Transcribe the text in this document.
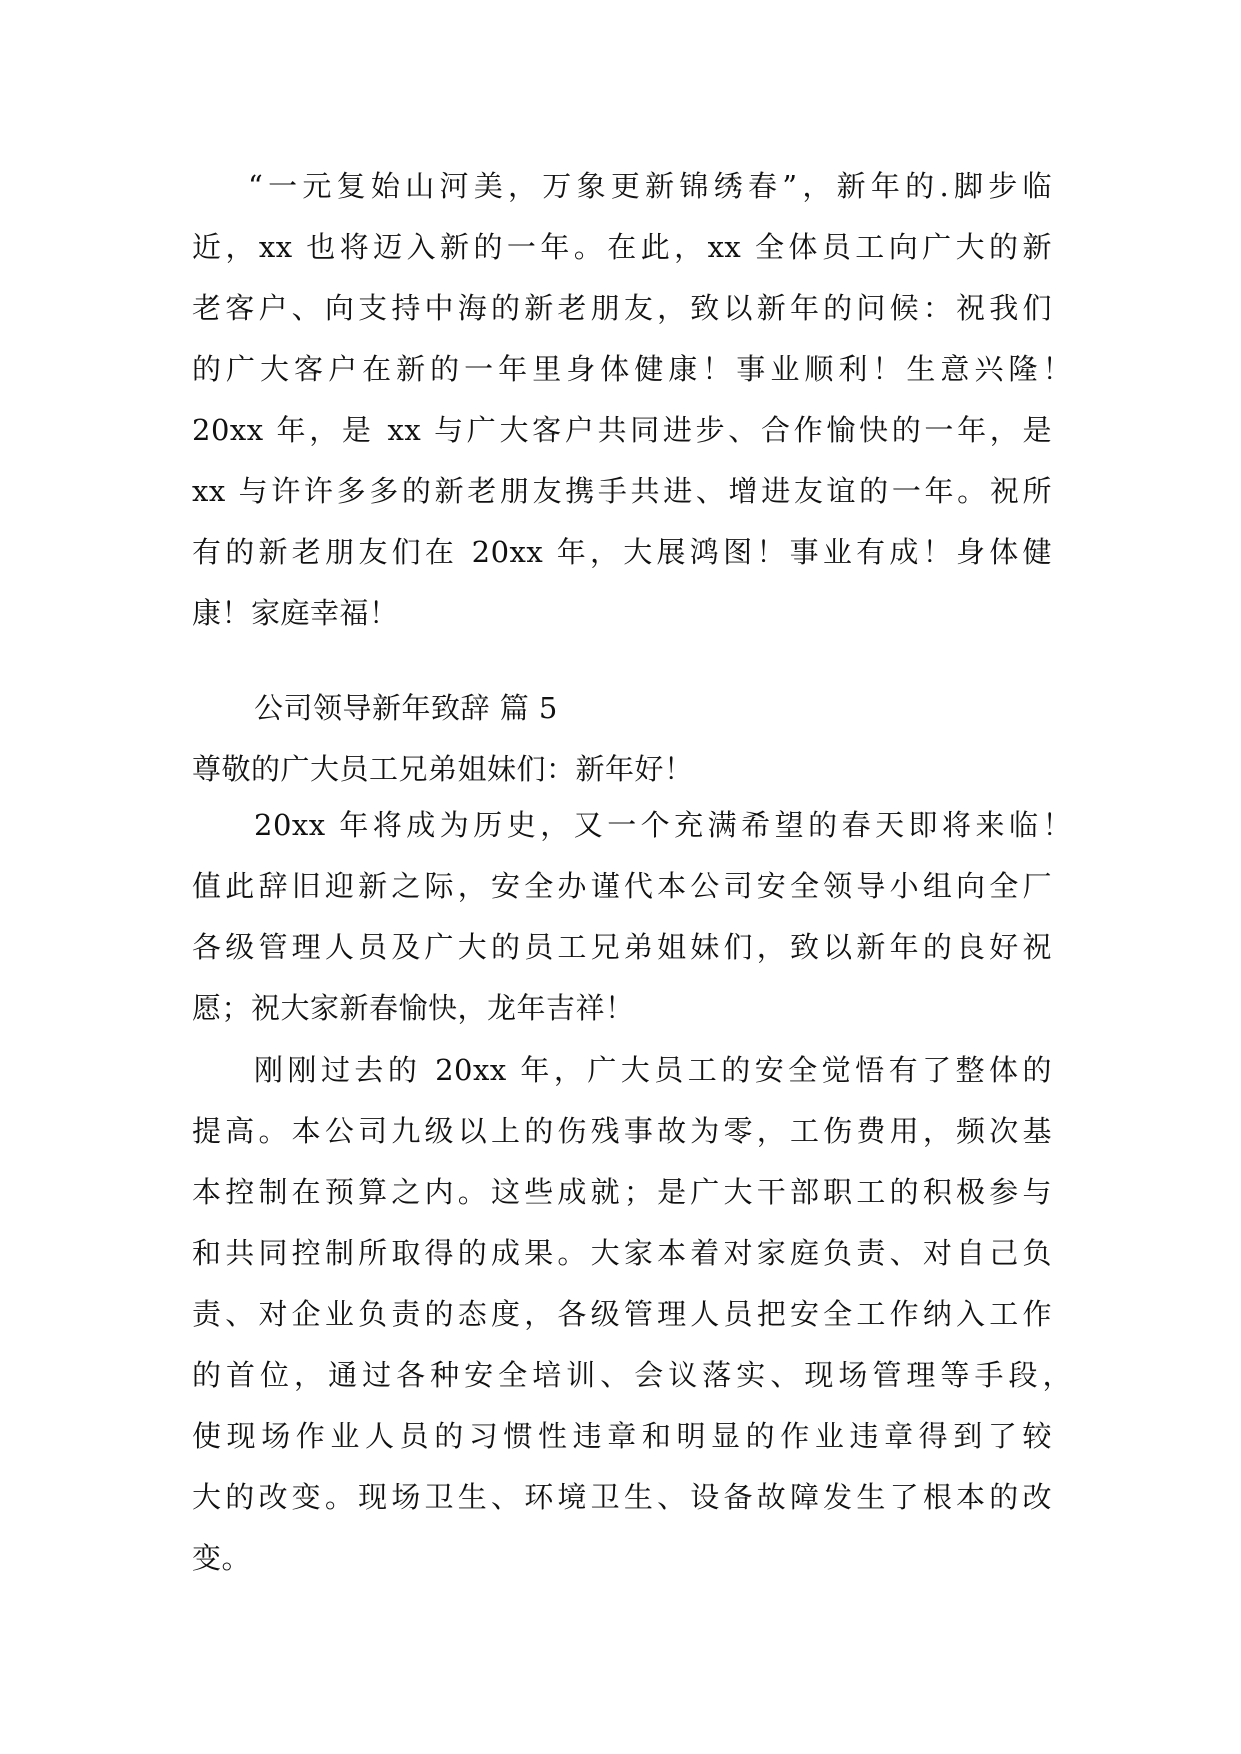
“一元复始山河美，万象更新锦绣春”，新年的.脚步临
近，xx 也将迈入新的一年。在此，xx 全体员工向广大的新
老客户、向支持中海的新老朋友，致以新年的问候：祝我们
的广大客户在新的一年里身体健康！事业顺利！生意兴隆！
20xx 年，是 xx 与广大客户共同进步、合作愉快的一年，是
xx 与许许多多的新老朋友携手共进、增进友谊的一年。祝所
有的新老朋友们在 20xx 年，大展鸿图！事业有成！身体健
康！家庭幸福！
公司领导新年致辞 篇 5
尊敬的广大员工兄弟姐妹们：新年好！
20xx 年将成为历史，又一个充满希望的春天即将来临！
值此辞旧迎新之际，安全办谨代本公司安全领导小组向全厂
各级管理人员及广大的员工兄弟姐妹们，致以新年的良好祝
愿；祝大家新春愉快，龙年吉祥！
刚刚过去的 20xx 年，广大员工的安全觉悟有了整体的
提高。本公司九级以上的伤残事故为零，工伤费用，频次基
本控制在预算之内。这些成就；是广大干部职工的积极参与
和共同控制所取得的成果。大家本着对家庭负责、对自己负
责、对企业负责的态度，各级管理人员把安全工作纳入工作
的首位，通过各种安全培训、会议落实、现场管理等手段，
使现场作业人员的习惯性违章和明显的作业违章得到了较
大的改变。现场卫生、环境卫生、设备故障发生了根本的改
变。
